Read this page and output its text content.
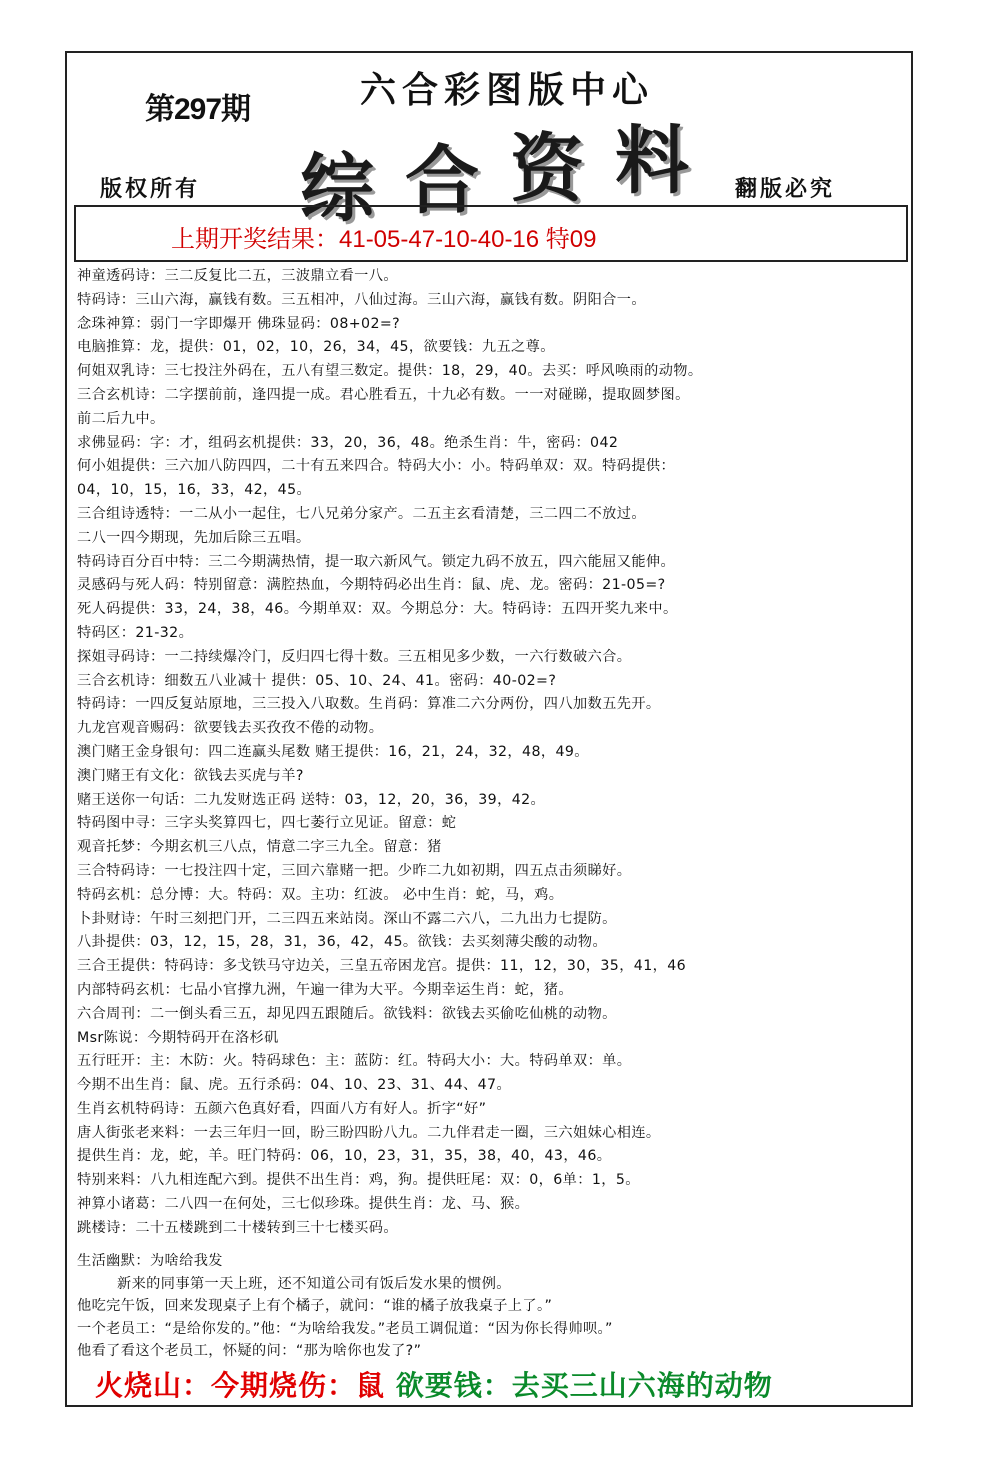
第297期	六合彩图版中心
综 合 资 料
版权所有	翻版必究
上期开奖结果：41-05-47-10-40-16 特09
神童透码诗：三二反复比二五，三波鼎立看一八。
特码诗：三山六海，赢钱有数。三五相冲，八仙过海。三山六海，赢钱有数。阴阳合一。
念珠神算：弱门一字即爆开 佛珠显码：08+02=?
电脑推算：龙，提供：01，02，10，26，34，45，欲要钱：九五之尊。
何姐双乳诗：三七投注外码在，五八有望三数定。提供：18，29，40。去买：呼风唤雨的动物。
三合玄机诗：二字摆前前，逢四提一成。君心胜看五，十九必有数。一一对碰睇，提取圆梦图。
前二后九中。
求佛显码：字：才，组码玄机提供：33，20，36，48。绝杀生肖：牛，密码：042
何小姐提供：三六加八防四四，二十有五来四合。特码大小：小。特码单双：双。特码提供：
04，10，15，16，33，42，45。
三合组诗透特：一二从小一起住，七八兄弟分家产。二五主玄看清楚，三二四二不放过。
二八一四今期现，先加后除三五唱。
特码诗百分百中特：三二今期满热情，提一取六新风气。锁定九码不放五，四六能屈又能伸。
灵感码与死人码：特别留意：满腔热血，今期特码必出生肖：鼠、虎、龙。密码：21-05=?
死人码提供：33，24，38，46。今期单双：双。今期总分：大。特码诗：五四开奖九来中。
特码区：21-32。
探姐寻码诗：一二持续爆冷门，反归四七得十数。三五相见多少数，一六行数破六合。
三合玄机诗：细数五八业减十 提供：05、10、24、41。密码：40-02=?
特码诗：一四反复站原地，三三投入八取数。生肖码：算准二六分两份，四八加数五先开。
九龙宫观音赐码：欲要钱去买孜孜不倦的动物。
澳门赌王金身银句：四二连赢头尾数 赌王提供：16，21，24，32，48，49。
澳门赌王有文化：欲钱去买虎与羊?
赌王送你一句话：二九发财选正码 送特：03，12，20，36，39，42。
特码图中寻：三字头奖算四七，四七萎行立见证。留意：蛇
观音托梦：今期玄机三八点，情意二字三九全。留意：猪
三合特码诗：一七投注四十定，三回六靠赌一把。少昨二九如初期，四五点击须睇好。
特码玄机：总分博：大。特码：双。主功：红波。 必中生肖：蛇，马，鸡。
卜卦财诗：午时三刻把门开，二三四五来站岗。深山不露二六八，二九出力七提防。
八卦提供：03，12，15，28，31，36，42，45。欲钱：去买刻薄尖酸的动物。
三合王提供：特码诗：多戈铁马守边关，三皇五帝困龙宫。提供：11，12，30，35，41，46
内部特码玄机：七品小官撑九洲，午遍一律为大平。今期幸运生肖：蛇，猪。
六合周刊：二一倒头看三五，却见四五跟随后。欲钱料：欲钱去买偷吃仙桃的动物。
Msr陈说：今期特码开在洛杉矶
五行旺开：主：木防：火。特码球色：主：蓝防：红。特码大小：大。特码单双：单。
今期不出生肖：鼠、虎。五行杀码：04、10、23、31、44、47。
生肖玄机特码诗：五颜六色真好看，四面八方有好人。折字“好”
唐人街张老来料：一去三年归一回，盼三盼四盼八九。二九伴君走一圈，三六姐妹心相连。
提供生肖：龙，蛇，羊。旺门特码：06，10，23，31，35，38，40，43，46。
特别来料：八九相连配六到。提供不出生肖：鸡，狗。提供旺尾：双：0，6单：1，5。
神算小诸葛：二八四一在何处，三七似珍珠。提供生肖：龙、马、猴。
跳楼诗：二十五楼跳到二十楼转到三十七楼买码。
生活幽默：为啥给我发
新来的同事第一天上班，还不知道公司有饭后发水果的惯例。
他吃完午饭，回来发现桌子上有个橘子，就问：“谁的橘子放我桌子上了。”
一个老员工：“是给你发的。”他：“为啥给我发。”老员工调侃道：“因为你长得帅呗。”
他看了看这个老员工，怀疑的问：“那为啥你也发了?”
火烧山：今期烧伤：鼠 欲要钱：去买三山六海的动物
